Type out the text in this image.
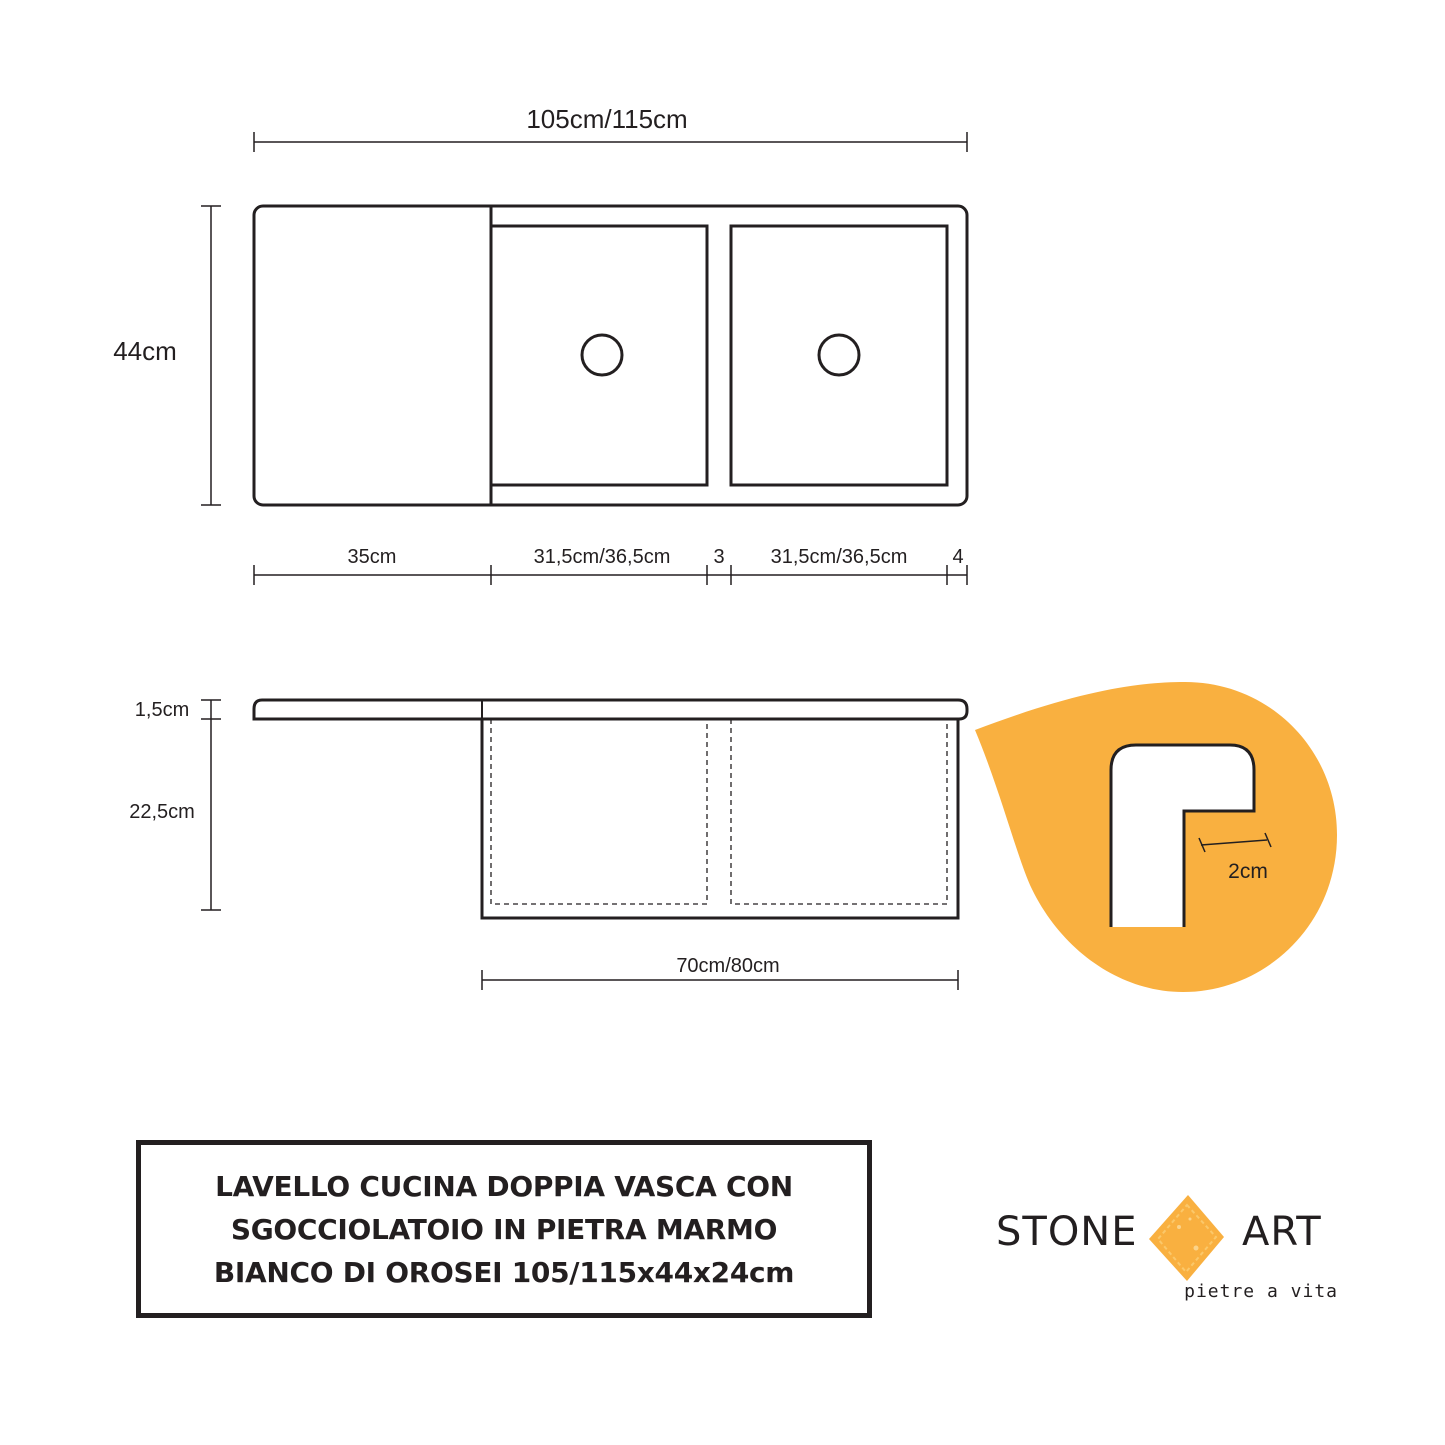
105cm/115cm
44cm
35cm	31,5cm/36,5cm 3 31,5cm/36,5cm 4
1,5cm
22,5cm
70cm/80cm
2cm
LAVELLO CUCINA DOPPIA VASCA CON
SGOCCIOLATOIO IN PIETRA MARMO
BIANCO DI OROSEI 105/115x44x24cm
STONE	ART
pietre a vita
